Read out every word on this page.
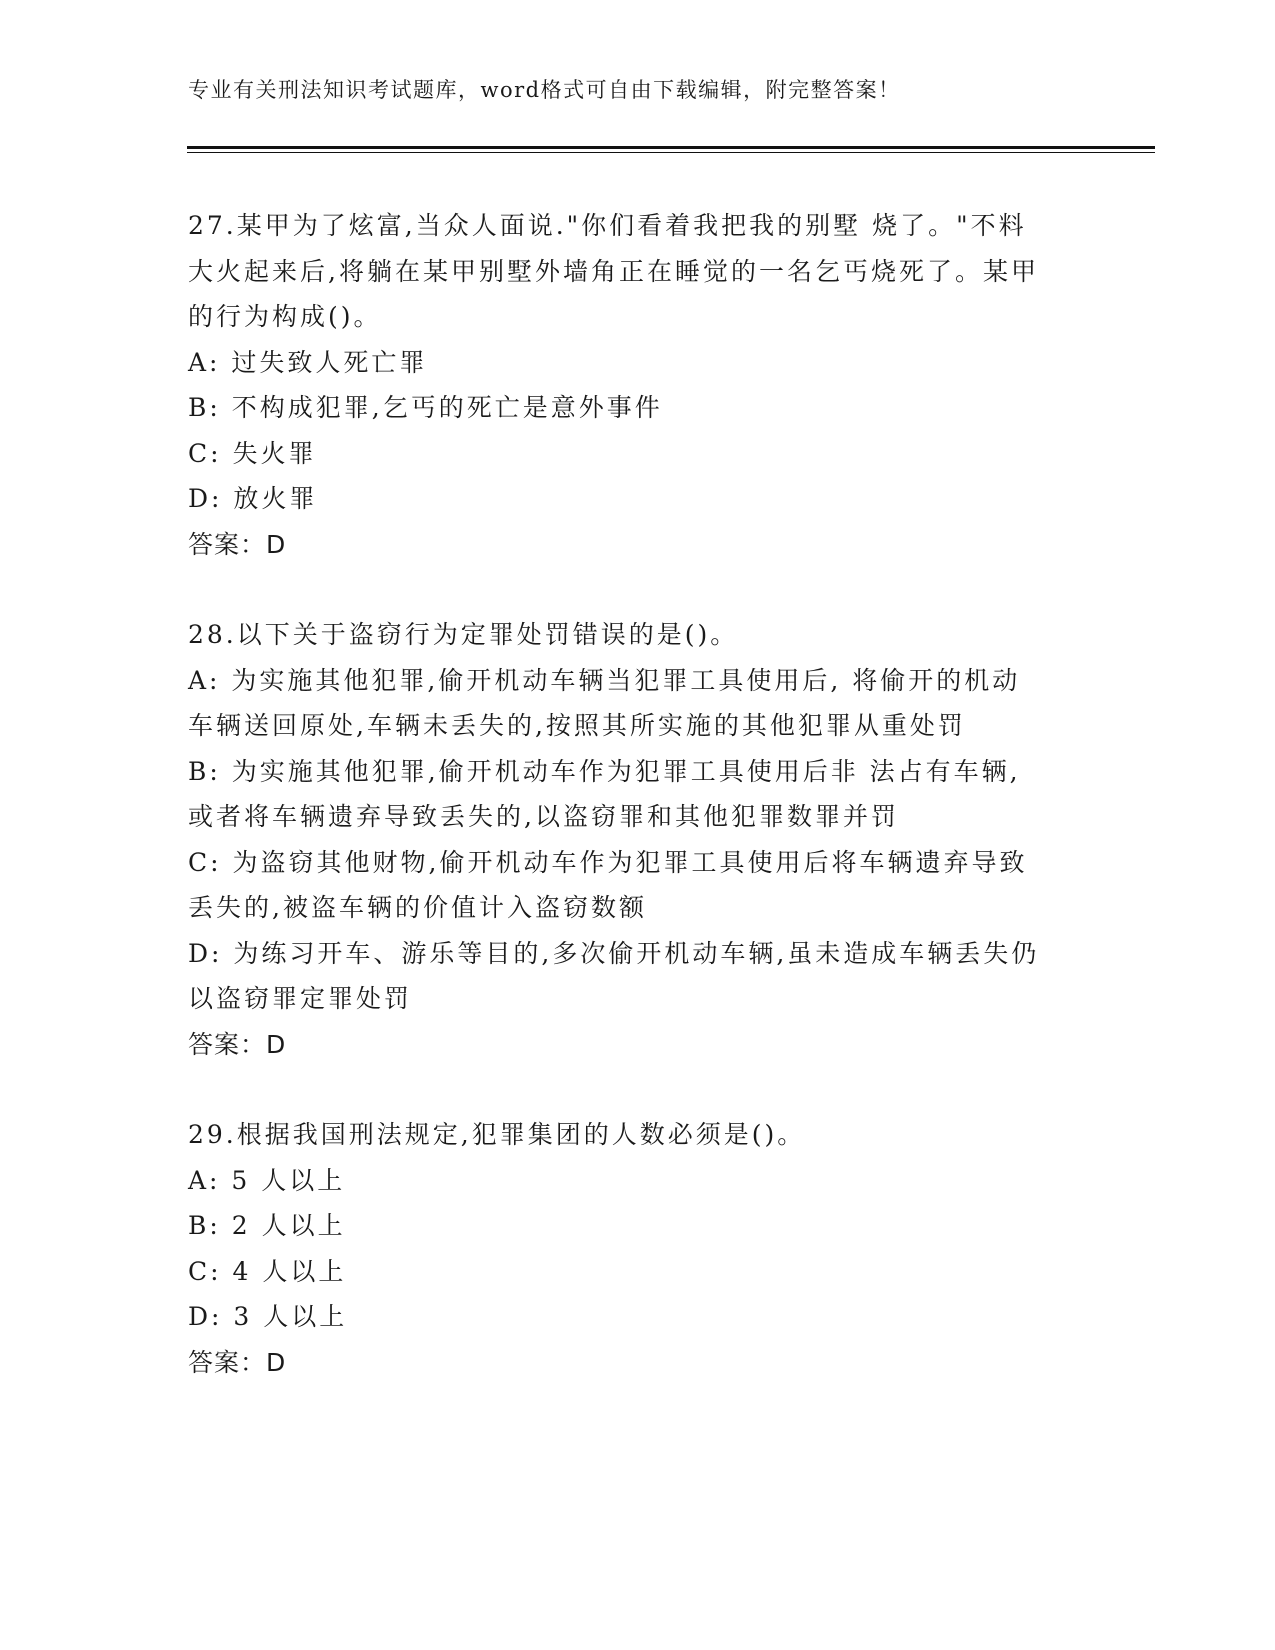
专业有关刑法知识考试题库，word格式可自由下载编辑，附完整答案！
27.某甲为了炫富,当众人面说."你们看着我把我的别墅 烧了。"不料
大火起来后,将躺在某甲别墅外墙角正在睡觉的一名乞丐烧死了。某甲
的行为构成()。
A: 过失致人死亡罪
B: 不构成犯罪,乞丐的死亡是意外事件
C: 失火罪
D: 放火罪
答案：D
28.以下关于盗窃行为定罪处罚错误的是()。
A: 为实施其他犯罪,偷开机动车辆当犯罪工具使用后, 将偷开的机动
车辆送回原处,车辆未丢失的,按照其所实施的其他犯罪从重处罚
B: 为实施其他犯罪,偷开机动车作为犯罪工具使用后非 法占有车辆,
或者将车辆遗弃导致丢失的,以盗窃罪和其他犯罪数罪并罚
C: 为盗窃其他财物,偷开机动车作为犯罪工具使用后将车辆遗弃导致
丢失的,被盗车辆的价值计入盗窃数额
D: 为练习开车、游乐等目的,多次偷开机动车辆,虽未造成车辆丢失仍
以盗窃罪定罪处罚
答案：D
29.根据我国刑法规定,犯罪集团的人数必须是()。
A: 5 人以上
B: 2 人以上
C: 4 人以上
D: 3 人以上
答案：D
